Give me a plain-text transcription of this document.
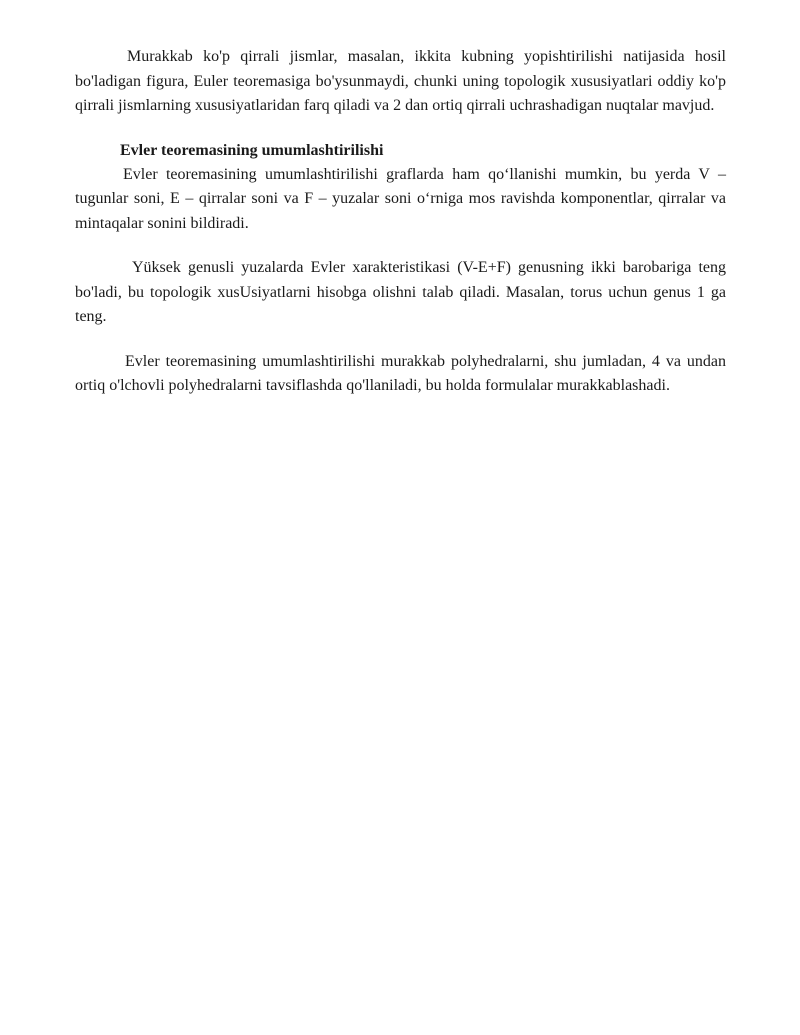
Murakkab ko'p qirrali jismlar, masalan, ikkita kubning yopishtirilishi natijasida hosil bo'ladigan figura, Euler teoremasiga bo'ysunmaydi, chunki uning topologik xususiyatlari oddiy ko'p qirrali jismlarning xususiyatlaridan farq qiladi va 2 dan ortiq qirrali uchrashadigan nuqtalar mavjud.

Evler teoremasining umumlashtirilishi

Evler teoremasining umumlashtirilishi graflarda ham qo‘llanishi mumkin, bu yerda V – tugunlar soni, E – qirralar soni va F – yuzalar soni o‘rniga mos ravishda komponentlar, qirralar va mintaqalar sonini bildiradi.

Yüksek genusli yuzalarda Evler xarakteristikasi (V-E+F) genusning ikki barobariga teng bo'ladi, bu topologik xusUsiyatlarni hisobga olishni talab qiladi. Masalan, torus uchun genus 1 ga teng.

Evler teoremasining umumlashtirilishi murakkab polyhedralarni, shu jumladan, 4 va undan ortiq o'lchovli polyhedralarni tavsiflashda qo'llaniladi, bu holda formulalar murakkablashadi.
